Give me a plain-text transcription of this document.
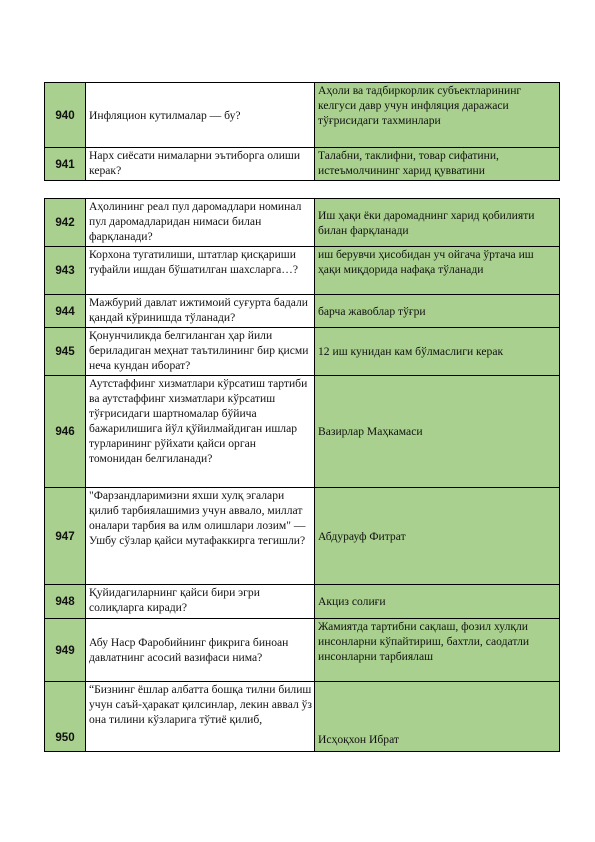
940	Инфляцион кутилмалар — бу?	Аҳоли ва тадбиркорлик субъектларининг келгуси давр учун инфляция даражаси тўғрисидаги тахминлари
941	Нарх сиёсати нималарни эътиборга олиши керак?	Талабни, таклифни, товар сифатини, истеъмолчининг харид қувватини
942	Аҳолининг реал пул даромадлари номинал пул даромадларидан нимаси билан фарқланади?	Иш ҳақи ёки даромаднинг харид қобилияти билан фарқланади
943	Корхона тугатилиши, штатлар қисқариши туфайли ишдан бўшатилган шахсларга…?	иш берувчи ҳисобидан уч ойгача ўртача иш ҳақи миқдорида нафақа тўланади
944	Мажбурий давлат ижтимоий суғурта бадали қандай кўринишда тўланади?	барча жавоблар тўғри
945	Қонунчиликда белгиланган ҳар йили бериладиган меҳнат таътилининг бир қисми неча кундан иборат?	12 иш кунидан кам бўлмаслиги керак
946	Аутстаффинг хизматлари кўрсатиш тартиби ва аутстаффинг хизматлари кўрсатиш тўғрисидаги шартномалар бўйича бажарилишига йўл қўйилмайдиган ишлар турларининг рўйхати қайси орган томонидан белгиланади?	Вазирлар Маҳкамаси
947	"Фарзандларимизни яхши хулқ эгалари қилиб тарбиялашимиз учун аввало, миллат оналари тарбия ва илм олишлари лозим" — Ушбу сўзлар қайси мутафаккирга тегишли?	Абдурауф Фитрат
948	Қуйидагиларнинг қайси бири эгри солиқларга киради?	Акциз солиғи
949	Абу Наср Фаробийнинг фикрига биноан давлатнинг асосий вазифаси нима?	Жамиятда тартибни сақлаш, фозил хулқли инсонларни кўпайтириш, бахтли, саодатли инсонларни тарбиялаш
950	“Бизнинг ёшлар албатта бошқа тилни билиш учун саъй-ҳаракат қилсинлар, лекин аввал ўз она тилини кўзларига тўтиё қилиб,	Исҳоқхон Ибрат
